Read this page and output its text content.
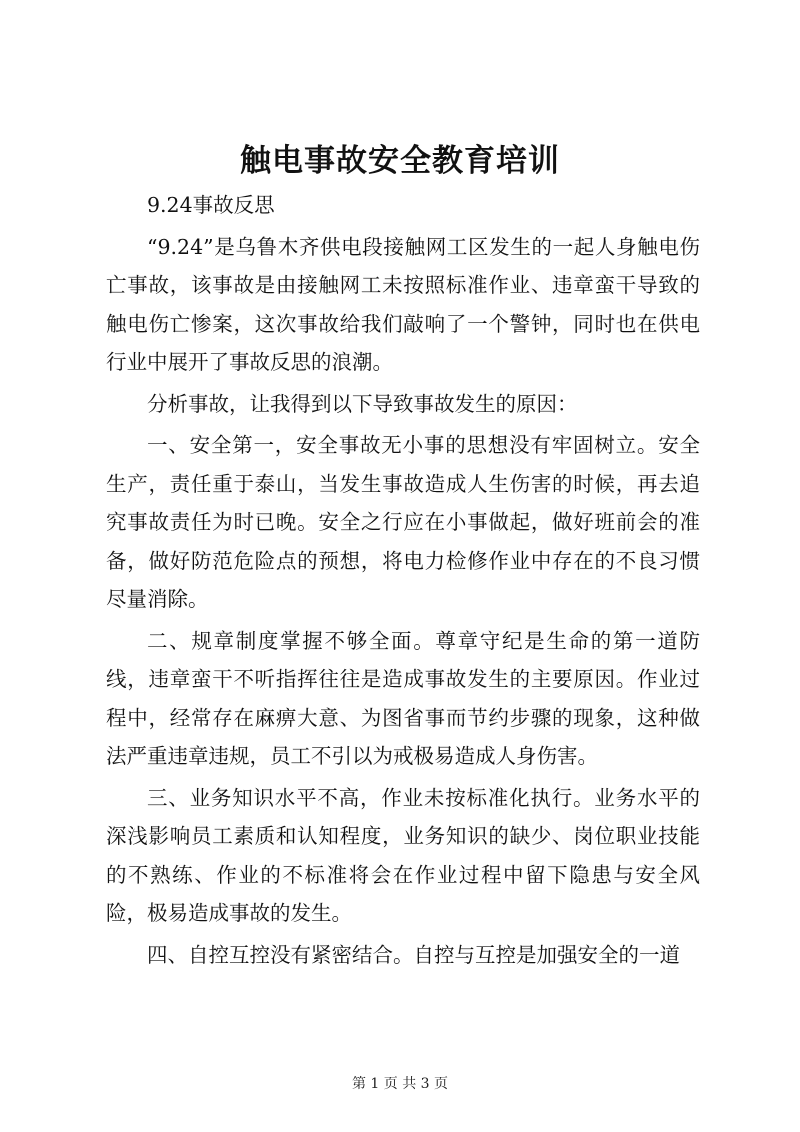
触电事故安全教育培训

9.24事故反思

“9.24”是乌鲁木齐供电段接触网工区发生的一起人身触电伤亡事故，该事故是由接触网工未按照标准作业、违章蛮干导致的触电伤亡惨案，这次事故给我们敲响了一个警钟，同时也在供电行业中展开了事故反思的浪潮。

分析事故，让我得到以下导致事故发生的原因：

一、安全第一，安全事故无小事的思想没有牢固树立。安全生产，责任重于泰山，当发生事故造成人生伤害的时候，再去追究事故责任为时已晚。安全之行应在小事做起，做好班前会的准备，做好防范危险点的预想，将电力检修作业中存在的不良习惯尽量消除。

二、规章制度掌握不够全面。尊章守纪是生命的第一道防线，违章蛮干不听指挥往往是造成事故发生的主要原因。作业过程中，经常存在麻痹大意、为图省事而节约步骤的现象，这种做法严重违章违规，员工不引以为戒极易造成人身伤害。

三、业务知识水平不高，作业未按标准化执行。业务水平的深浅影响员工素质和认知程度，业务知识的缺少、岗位职业技能的不熟练、作业的不标准将会在作业过程中留下隐患与安全风险，极易造成事故的发生。

四、自控互控没有紧密结合。自控与互控是加强安全的一道

第 1 页 共 3 页
